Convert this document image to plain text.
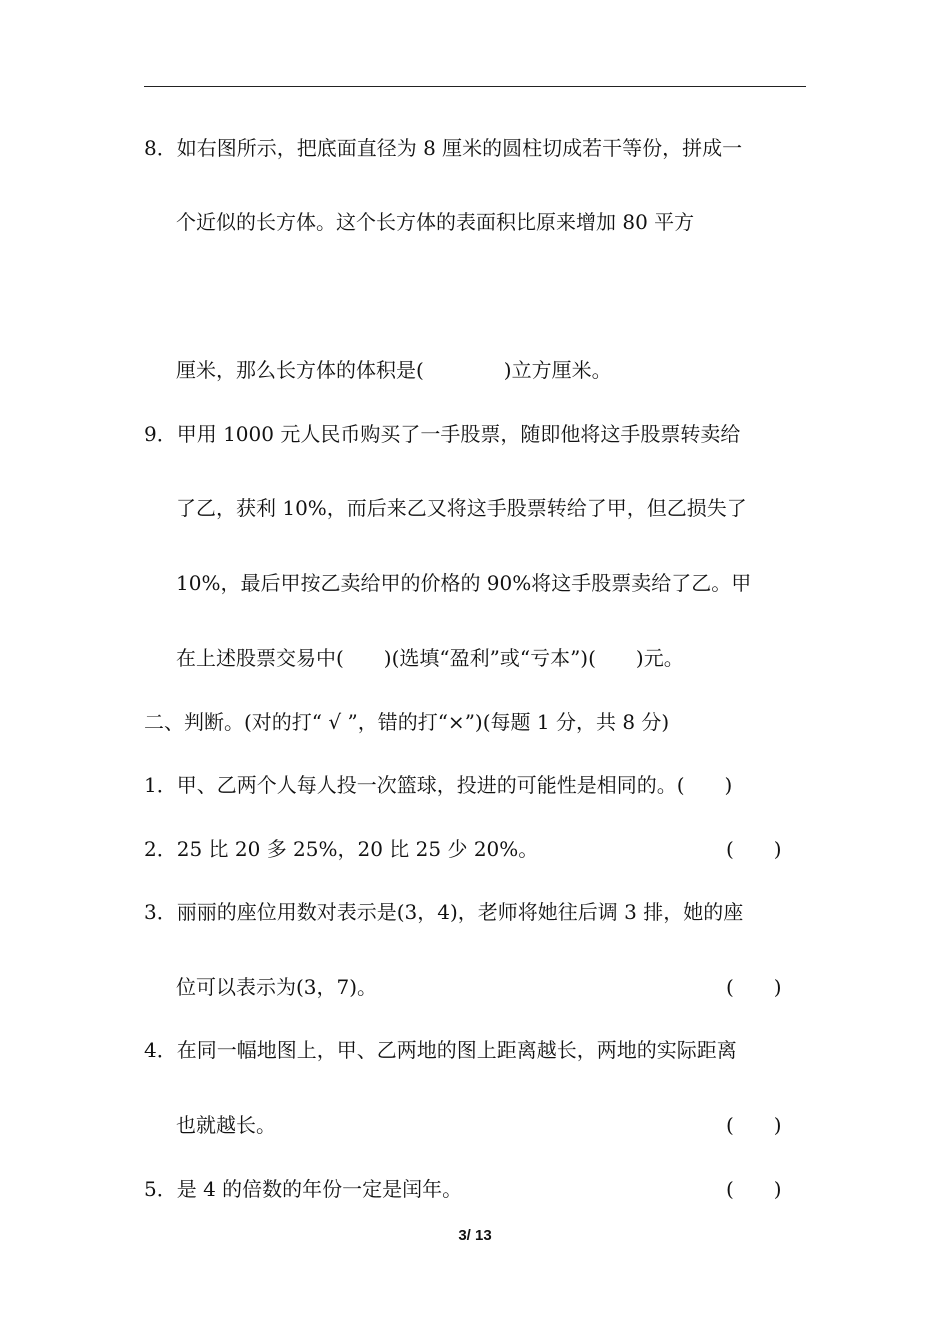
8．如右图所示，把底面直径为 8 厘米的圆柱切成若干等份，拼成一
个近似的长方体。这个长方体的表面积比原来增加 80 平方
厘米，那么长方体的体积是(　　　　)立方厘米。
9．甲用 1000 元人民币购买了一手股票，随即他将这手股票转卖给
了乙，获利 10%，而后来乙又将这手股票转给了甲，但乙损失了
10%，最后甲按乙卖给甲的价格的 90%将这手股票卖给了乙。甲
在上述股票交易中(　　)(选填“盈利”或“亏本”)(　　)元。
二、判断。(对的打“ √ ”，错的打“×”)(每题 1 分，共 8 分)
1．甲、乙两个人每人投一次篮球，投进的可能性是相同的。(　　)
2．25 比 20 多 25%，20 比 25 少 20%。	(　　)
3．丽丽的座位用数对表示是(3，4)，老师将她往后调 3 排，她的座
位可以表示为(3，7)。	(　　)
4．在同一幅地图上，甲、乙两地的图上距离越长，两地的实际距离
也就越长。	(　　)
5．是 4 的倍数的年份一定是闰年。	(　　)
3/ 13
